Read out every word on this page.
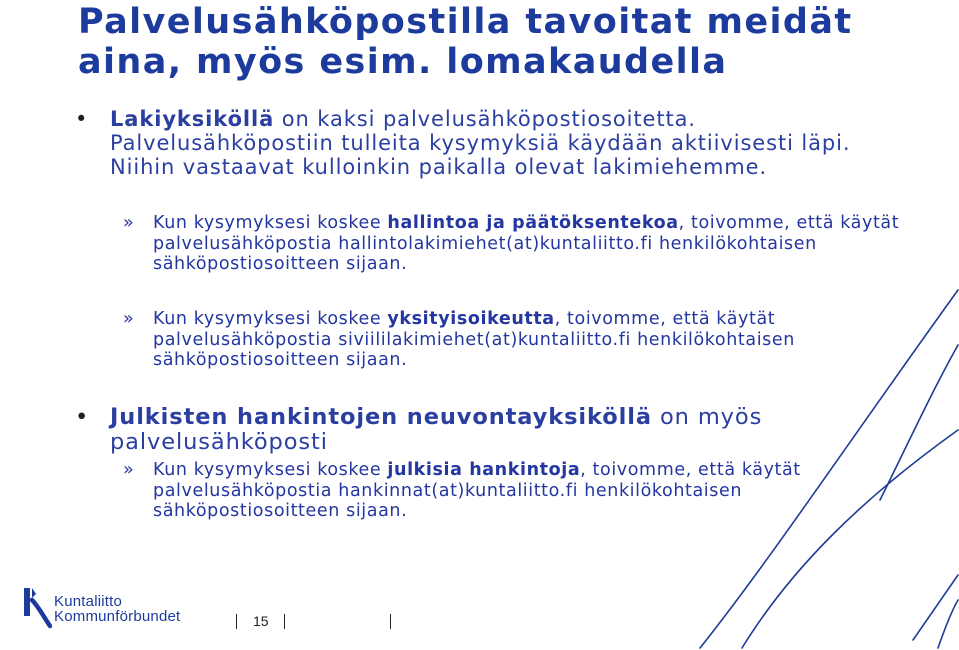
Palvelusähköpostilla tavoitat meidät aina, myös esim. lomakaudella
• Lakiyksiköllä on kaksi palvelusähköpostiosoitetta. Palvelusähköpostiin tulleita kysymyksiä käydään aktiivisesti läpi. Niihin vastaavat kulloinkin paikalla olevat lakimiehemme.
» Kun kysymyksesi koskee hallintoa ja päätöksentekoa, toivomme, että käytät palvelusähköpostia hallintolakimiehet(at)kuntaliitto.fi henkilökohtaisen sähköpostiosoitteen sijaan.
» Kun kysymyksesi koskee yksityisoikeutta, toivomme, että käytät palvelusähköpostia siviililakimiehet(at)kuntaliitto.fi henkilökohtaisen sähköpostiosoitteen sijaan.
• Julkisten hankintojen neuvontayksiköllä on myös palvelusähköposti
» Kun kysymyksesi koskee julkisia hankintoja, toivomme, että käytät palvelusähköpostia hankinnat(at)kuntaliitto.fi henkilökohtaisen sähköpostiosoitteen sijaan.
Kuntaliitto
Kommunförbundet	15
